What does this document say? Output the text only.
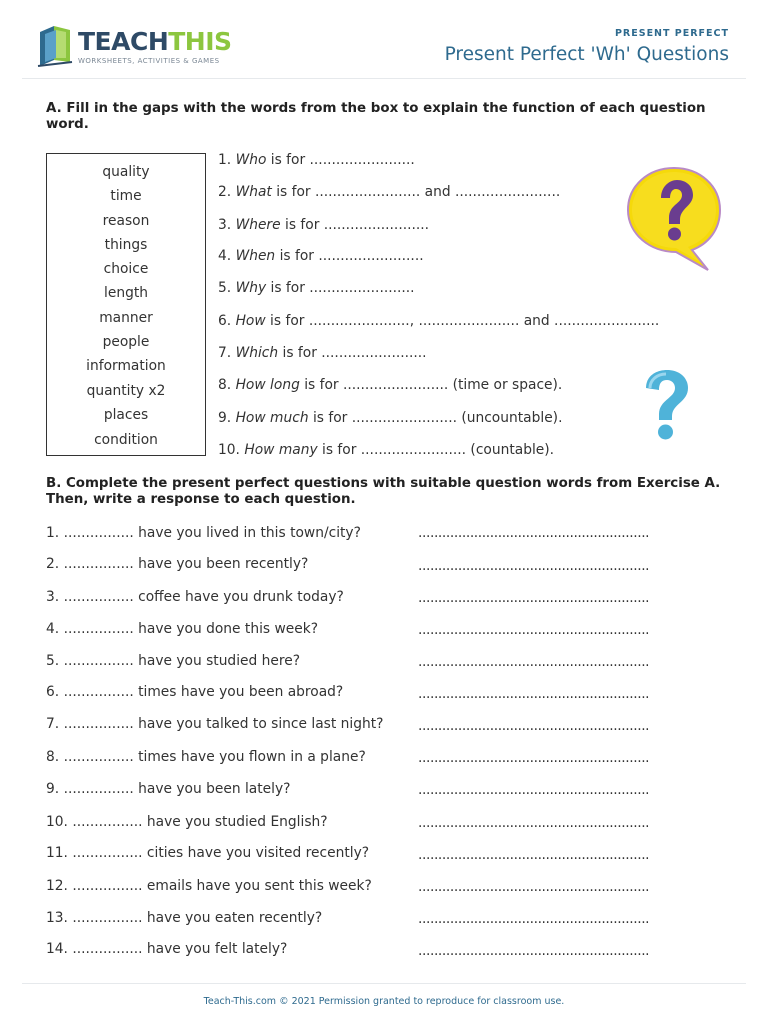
TEACHTHIS
WORKSHEETS, ACTIVITIES & GAMES
PRESENT PERFECT
Present Perfect 'Wh' Questions
A. Fill in the gaps with the words from the box to explain the function of each question word.
quality
time
reason
things
choice
length
manner
people
information
quantity x2
places
condition
1. Who is for ........................
2. What is for ........................ and ........................
3. Where is for ........................
4. When is for ........................
5. Why is for ........................
6. How is for ......................., ....................... and ........................
7. Which is for ........................
8. How long is for ........................ (time or space).
9. How much is for ........................ (uncountable).
10. How many is for ........................ (countable).
B. Complete the present perfect questions with suitable question words from Exercise A. Then, write a response to each question.
1. ................ have you lived in this town/city?	..........................................................
2. ................ have you been recently?	..........................................................
3. ................ coffee have you drunk today?	..........................................................
4. ................ have you done this week?	..........................................................
5. ................ have you studied here?	..........................................................
6. ................ times have you been abroad?	..........................................................
7. ................ have you talked to since last night?	..........................................................
8. ................ times have you flown in a plane?	..........................................................
9. ................ have you been lately?	..........................................................
10. ................ have you studied English?	..........................................................
11. ................ cities have you visited recently?	..........................................................
12. ................ emails have you sent this week?	..........................................................
13. ................ have you eaten recently?	..........................................................
14. ................ have you felt lately?	..........................................................
Teach-This.com © 2021 Permission granted to reproduce for classroom use.
